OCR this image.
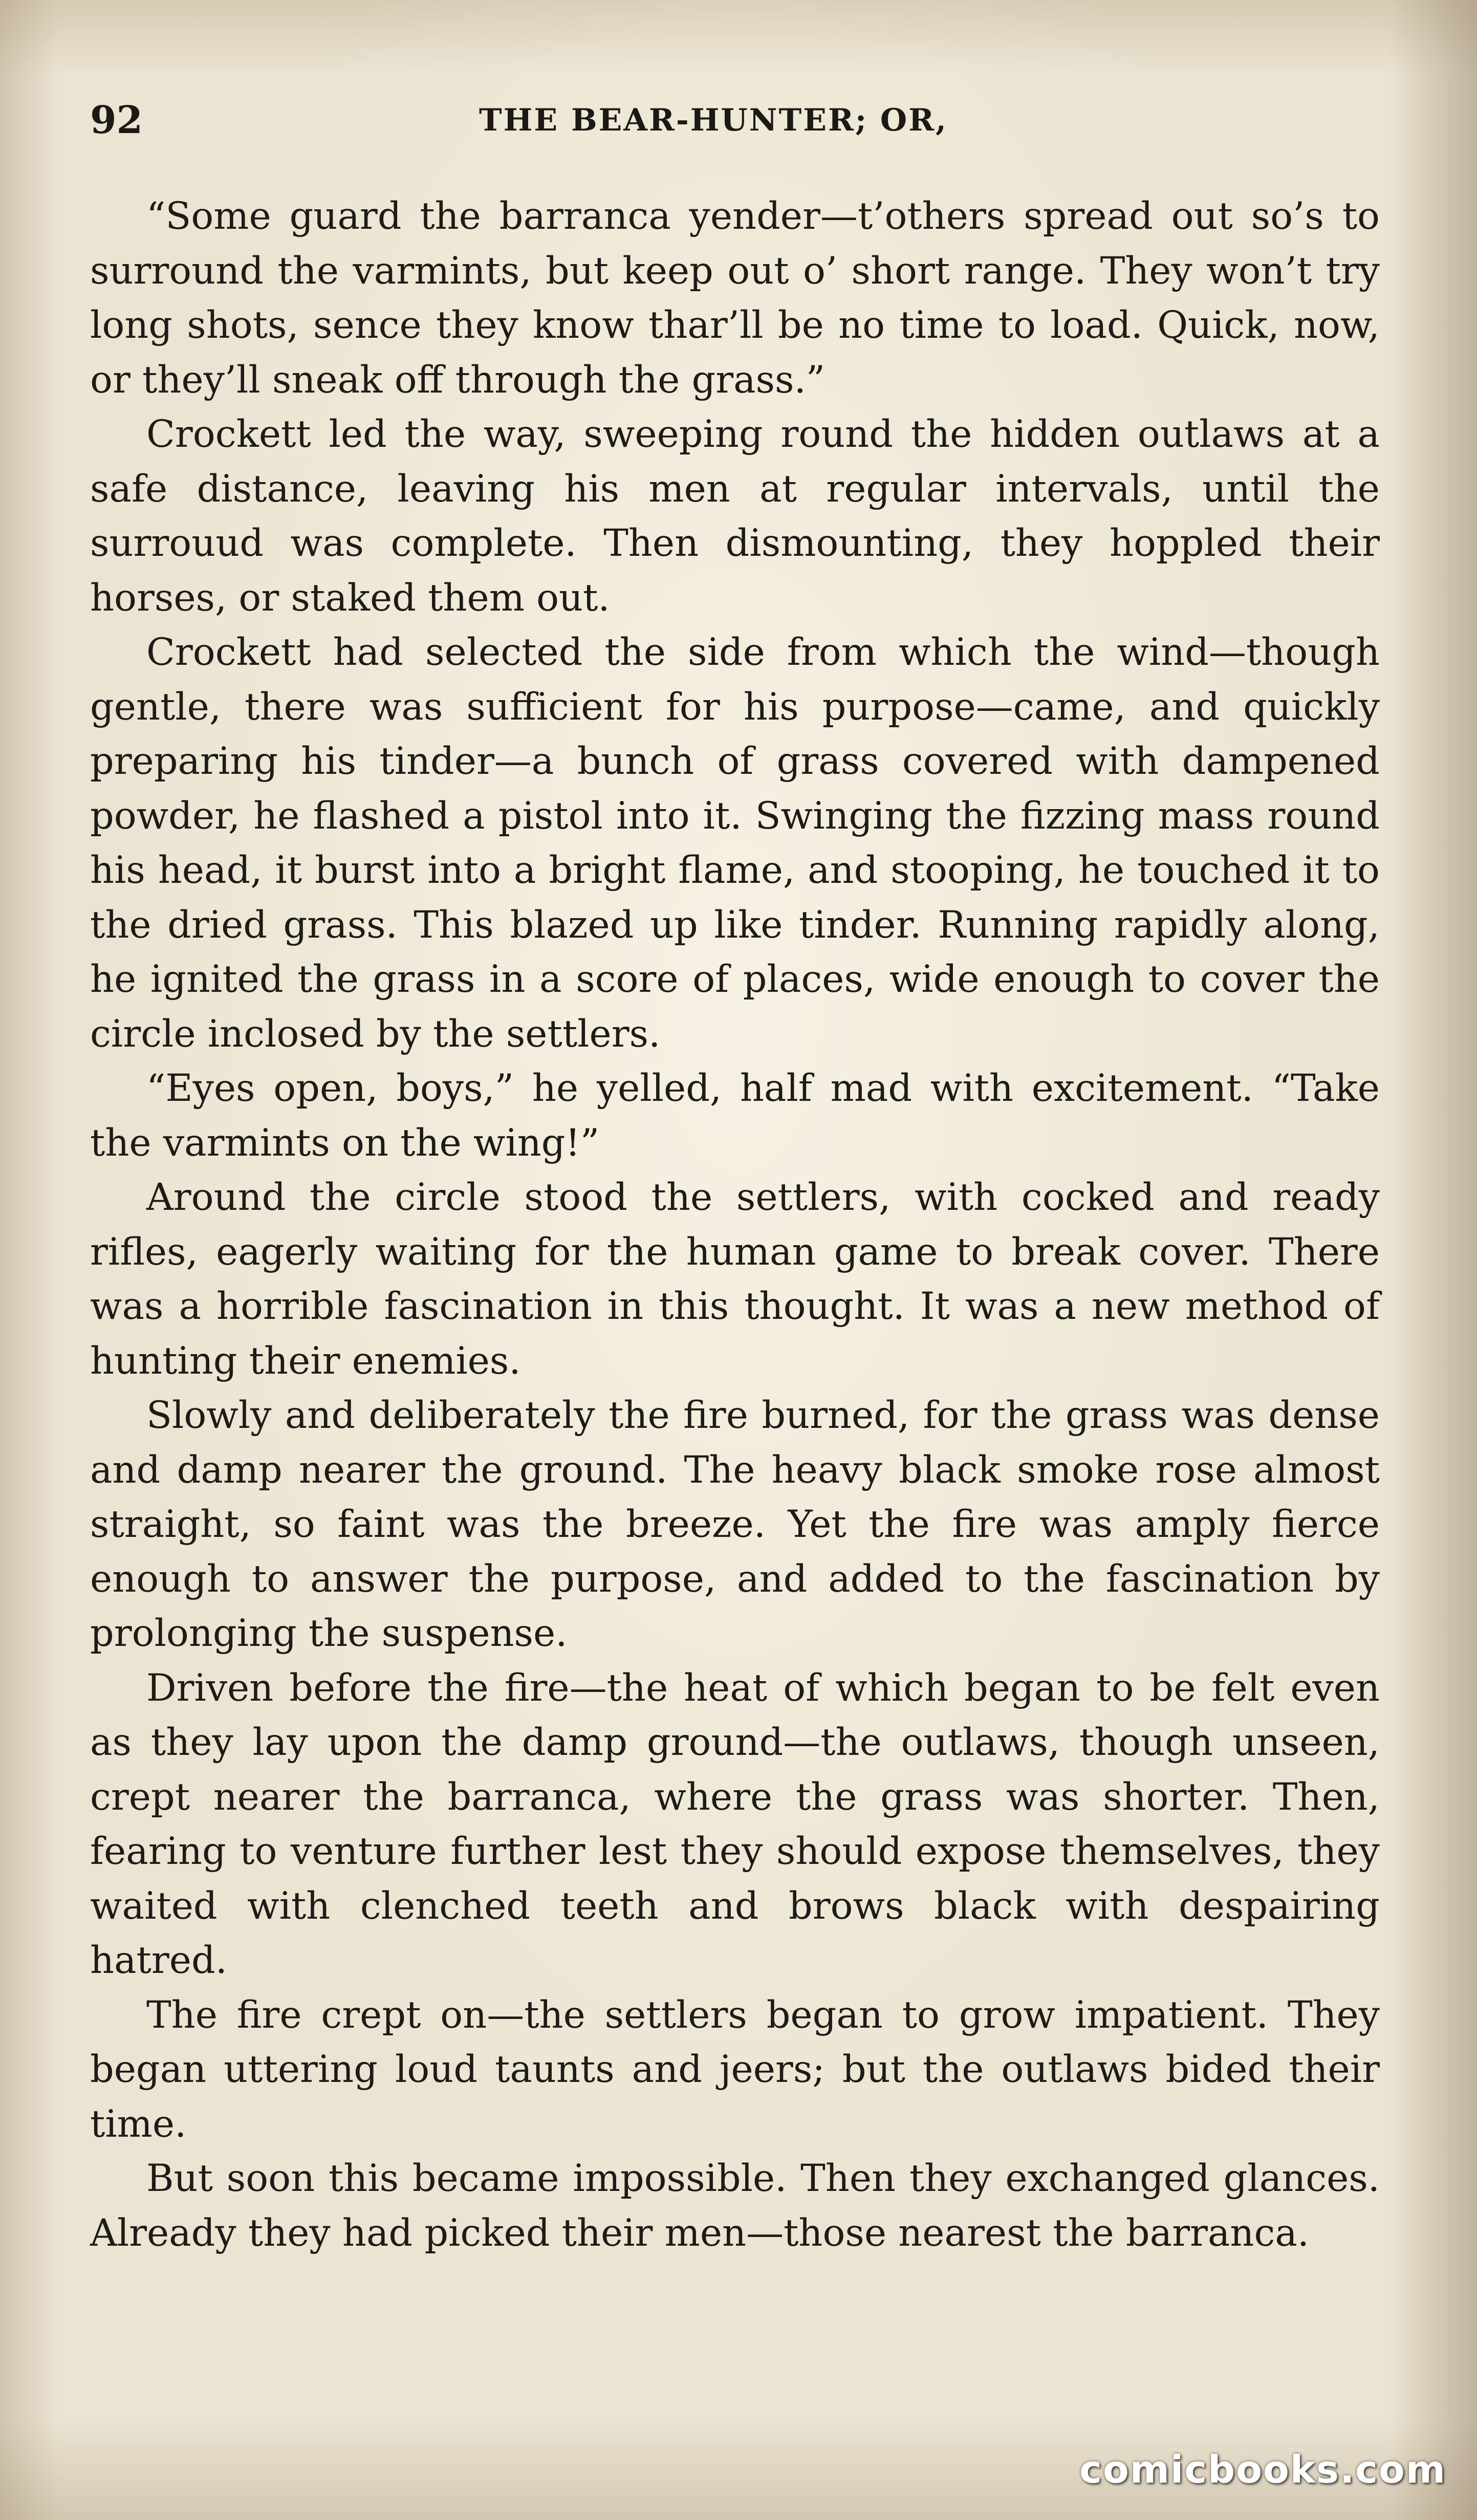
92	THE BEAR-HUNTER; OR,

“Some guard the barranca yender—t’others spread out so’s to surround the varmints, but keep out o’ short range. They won’t try long shots, sence they know thar’ll be no time to load. Quick, now, or they’ll sneak off through the grass.”

Crockett led the way, sweeping round the hidden outlaws at a safe distance, leaving his men at regular intervals, until the surrouud was complete. Then dismounting, they hoppled their horses, or staked them out.

Crockett had selected the side from which the wind—though gentle, there was sufficient for his purpose—came, and quickly preparing his tinder—a bunch of grass covered with dampened powder, he flashed a pistol into it. Swinging the fizzing mass round his head, it burst into a bright flame, and stooping, he touched it to the dried grass. This blazed up like tinder. Running rapidly along, he ignited the grass in a score of places, wide enough to cover the circle inclosed by the settlers.

“Eyes open, boys,” he yelled, half mad with excitement. “Take the varmints on the wing!”

Around the circle stood the settlers, with cocked and ready rifles, eagerly waiting for the human game to break cover. There was a horrible fascination in this thought. It was a new method of hunting their enemies.

Slowly and deliberately the fire burned, for the grass was dense and damp nearer the ground. The heavy black smoke rose almost straight, so faint was the breeze. Yet the fire was amply fierce enough to answer the purpose, and added to the fascination by prolonging the suspense.

Driven before the fire—the heat of which began to be felt even as they lay upon the damp ground—the outlaws, though unseen, crept nearer the barranca, where the grass was shorter. Then, fearing to venture further lest they should expose themselves, they waited with clenched teeth and brows black with despairing hatred.

The fire crept on—the settlers began to grow impatient. They began uttering loud taunts and jeers; but the outlaws bided their time.

But soon this became impossible. Then they exchanged glances. Already they had picked their men—those nearest the barranca.

comicbooks.com
